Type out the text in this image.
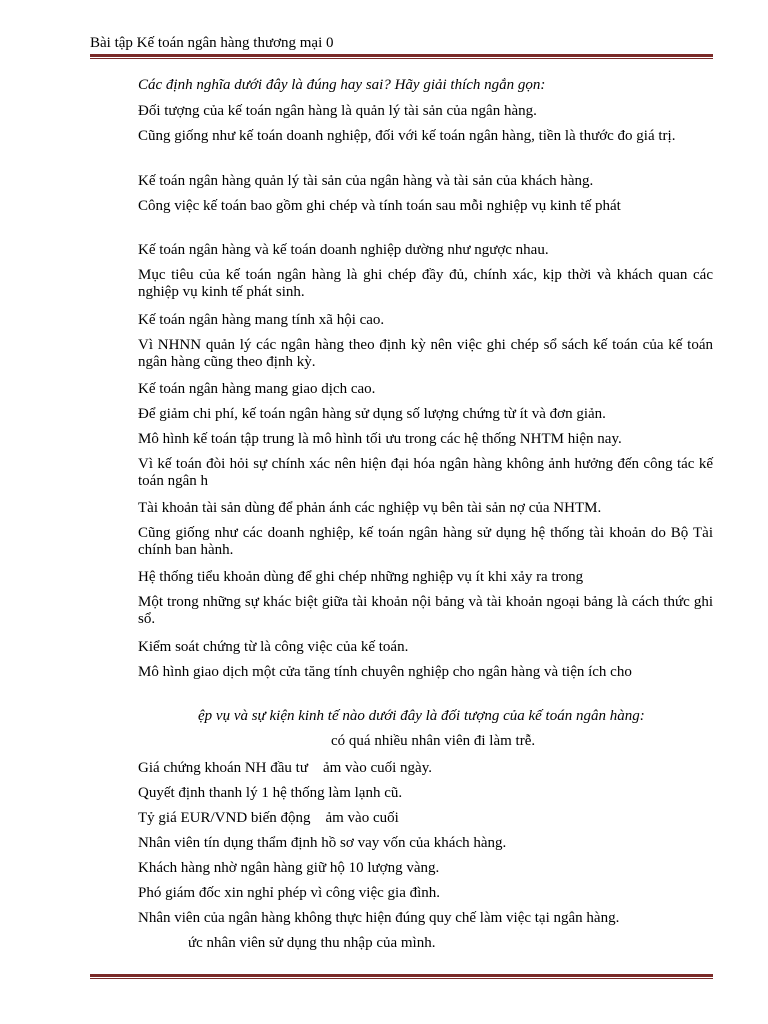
Bài tập Kế toán ngân hàng thương mại 0
Các định nghĩa dưới đây là đúng hay sai? Hãy giải thích ngắn gọn:
Đối tượng của kế toán ngân hàng là quản lý tài sản của ngân hàng.
Cũng giống như kế toán doanh nghiệp, đối với kế toán ngân hàng, tiền là thước đo giá trị.
Kế toán ngân hàng quản lý tài sản của ngân hàng và tài sản của khách hàng.
Công việc kế toán bao gồm ghi chép và tính toán sau mỗi nghiệp vụ kinh tế phát
Kế toán ngân hàng và kế toán doanh nghiệp dường như ngược nhau.
Mục tiêu của kế toán ngân hàng là ghi chép đầy đủ, chính xác, kịp thời và khách quan các nghiệp vụ kinh tế phát sinh.
Kế toán ngân hàng mang tính xã hội cao.
Vì NHNN quản lý các ngân hàng theo định kỳ nên việc ghi chép sổ sách kế toán của kế toán ngân hàng cũng theo định kỳ.
Kế toán ngân hàng mang giao dịch cao.
Để giảm chi phí, kế toán ngân hàng sử dụng số lượng chứng từ ít và đơn giản.
Mô hình kế toán tập trung là mô hình tối ưu trong các hệ thống NHTM hiện nay.
Vì kế toán đòi hỏi sự chính xác nên hiện đại hóa ngân hàng không ảnh hưởng đến công tác kế toán ngân h
Tài khoản tài sản dùng để phản ánh các nghiệp vụ bên tài sản nợ của NHTM.
Cũng giống như các doanh nghiệp, kế toán ngân hàng sử dụng hệ thống tài khoản do Bộ Tài chính ban hành.
Hệ thống tiểu khoản dùng để ghi chép những nghiệp vụ ít khi xảy ra trong
Một trong những sự khác biệt giữa tài khoản nội bảng và tài khoản ngoại bảng là cách thức ghi sổ.
Kiểm soát chứng từ là công việc của kế toán.
Mô hình giao dịch một cửa tăng tính chuyên nghiệp cho ngân hàng và tiện ích cho
ệp vụ và sự kiện kinh tế nào dưới đây là đối tượng của kế toán ngân hàng:
có quá nhiều nhân viên đi làm trễ.
Giá chứng khoán NH đầu tư    ảm vào cuối ngày.
Quyết định thanh lý 1 hệ thống làm lạnh cũ.
Tỷ giá EUR/VND biến động    ảm vào cuối
Nhân viên tín dụng thẩm định hồ sơ vay vốn của khách hàng.
Khách hàng nhờ ngân hàng giữ hộ 10 lượng vàng.
Phó giám đốc xin nghỉ phép vì công việc gia đình.
Nhân viên của ngân hàng không thực hiện đúng quy chế làm việc tại ngân hàng.
ức nhân viên sử dụng thu nhập của mình.
